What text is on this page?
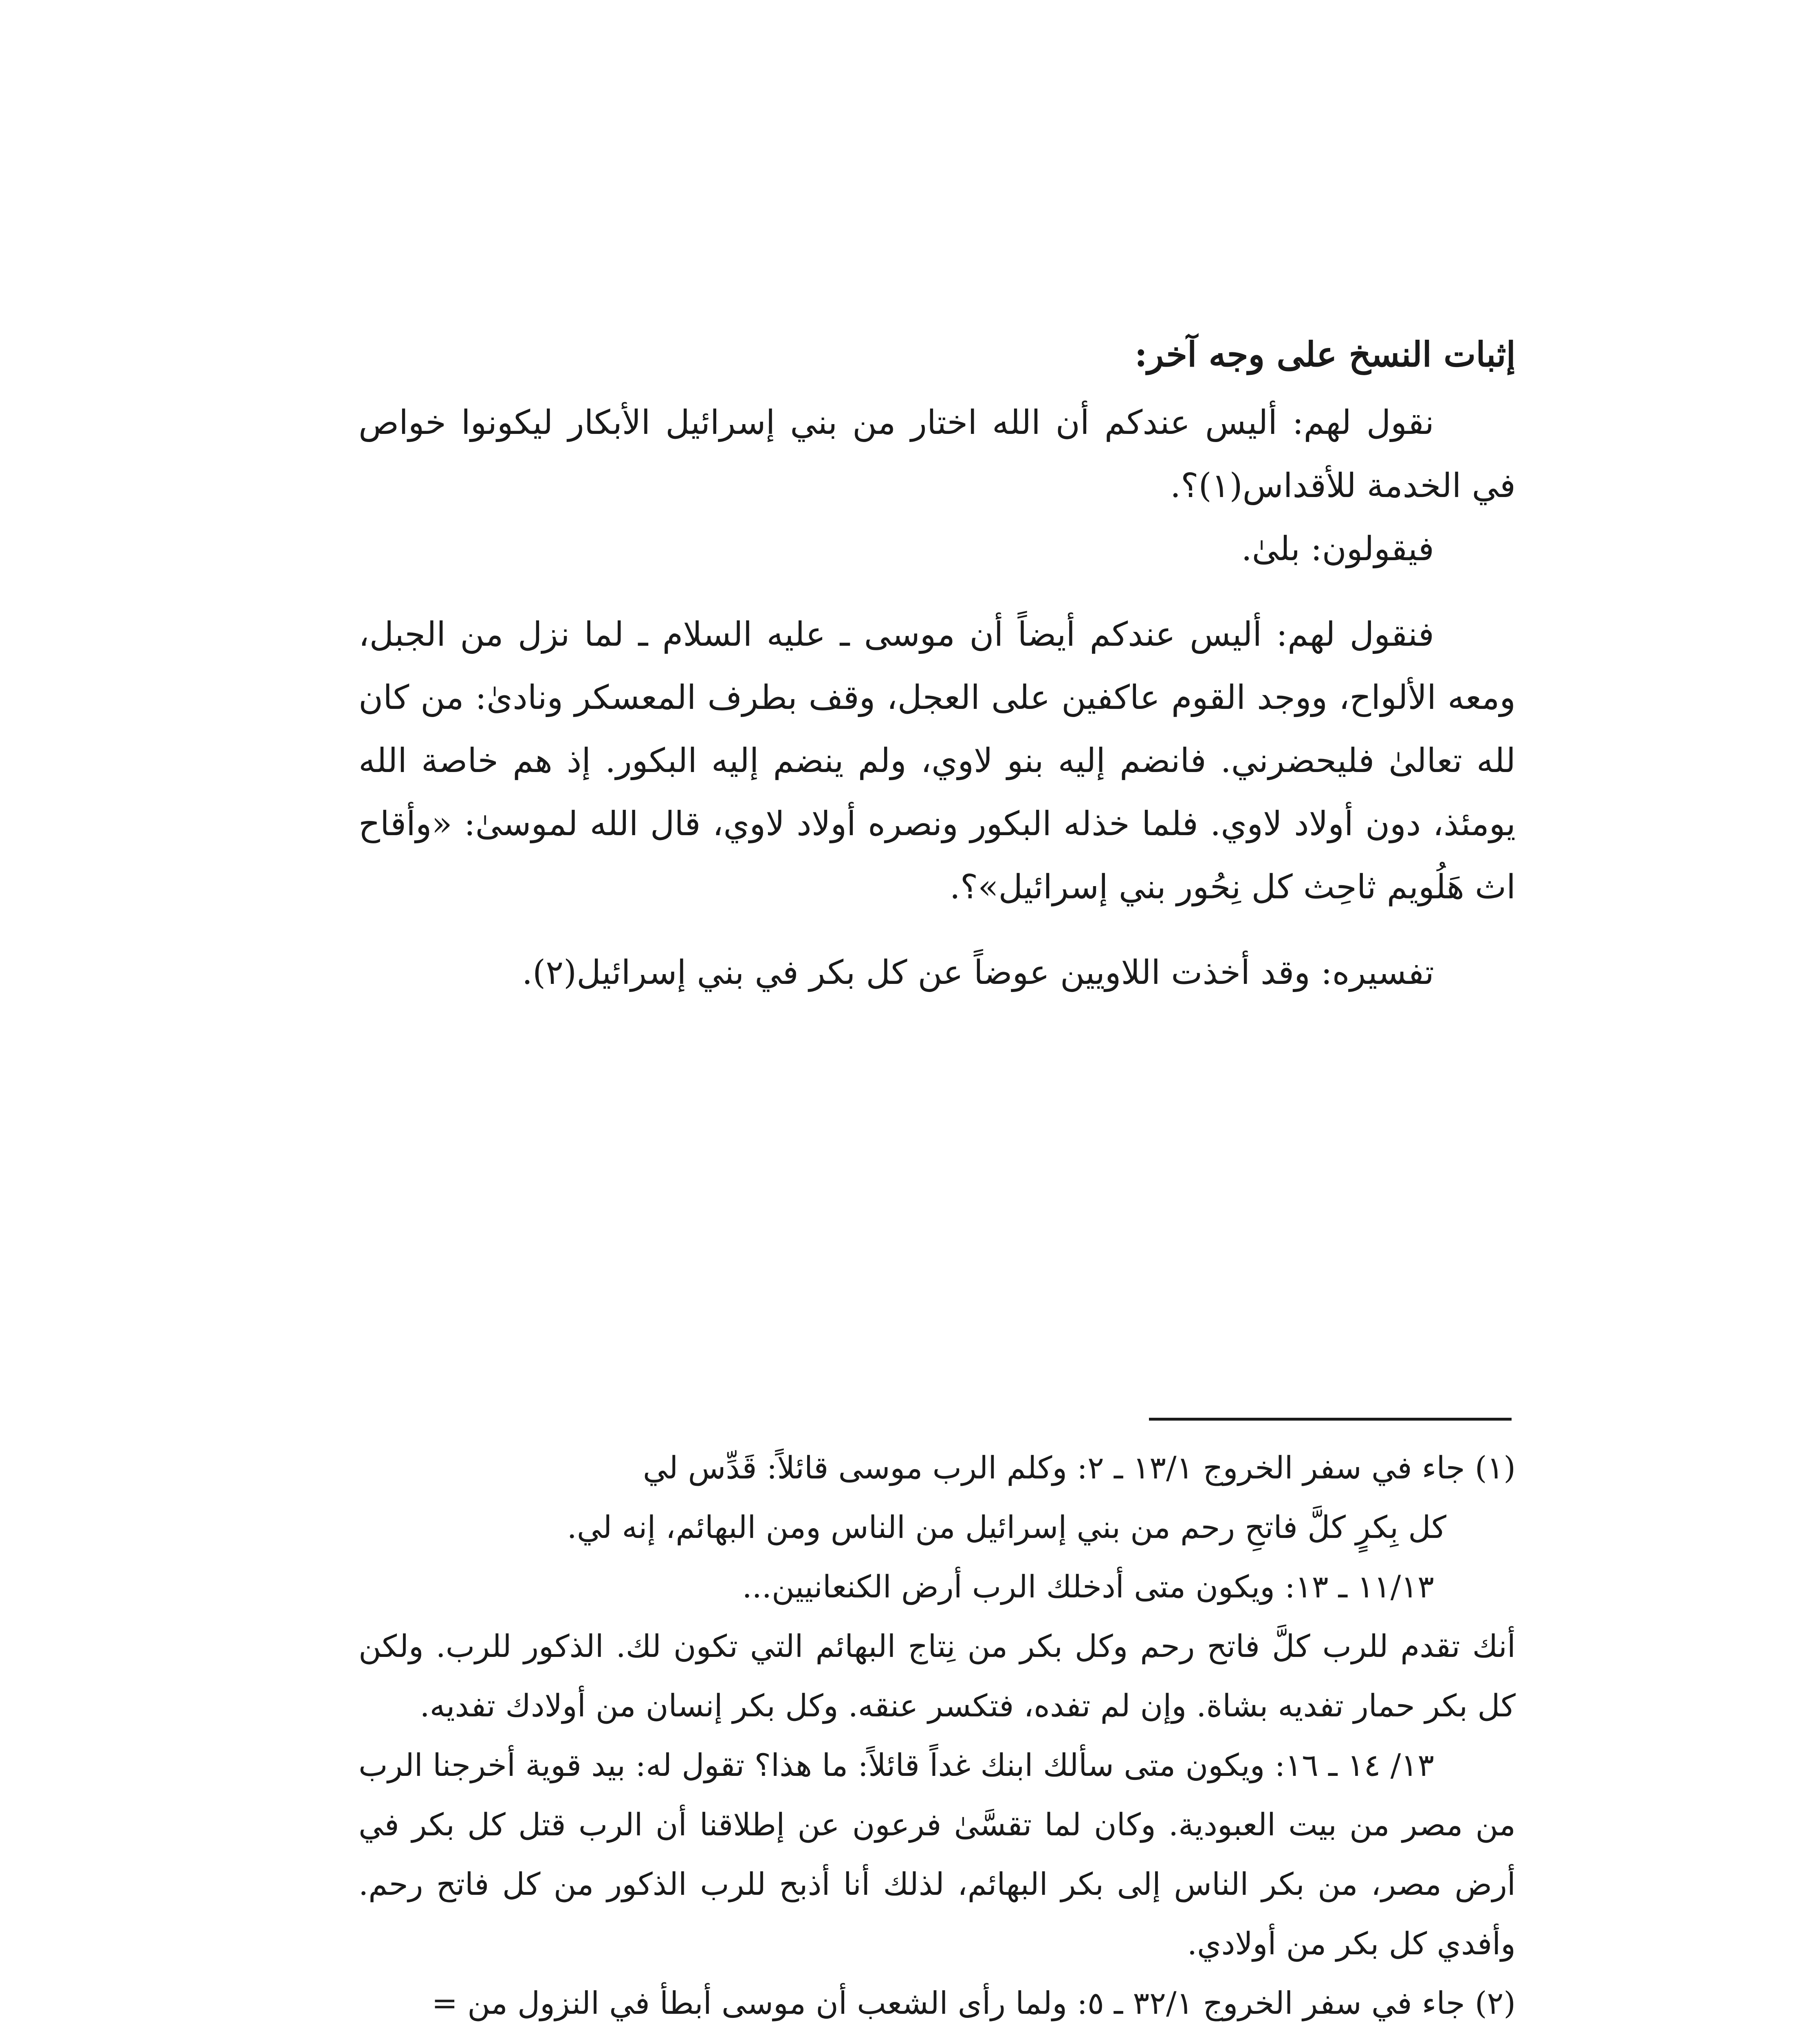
إثبات النسخ على وجه آخر:

نقول لهم: أليس عندكم أن الله اختار من بني إسرائيل الأبكار ليكونوا خواص في الخدمة للأقداس(١)؟.

فيقولون: بلىٰ.

فنقول لهم: أليس عندكم أيضاً أن موسى ـ عليه السلام ـ لما نزل من الجبل، ومعه الألواح، ووجد القوم عاكفين على العجل، وقف بطرف المعسكر ونادىٰ: من كان لله تعالىٰ فليحضرني. فانضم إليه بنو لاوي، ولم ينضم إليه البكور. إذ هم خاصة الله يومئذ، دون أولاد لاوي. فلما خذله البكور ونصره أولاد لاوي، قال الله لموسىٰ: «وأقاح اث هَلُويم ثاحِث كل نِحُور بني إسرائيل»؟.

تفسيره: وقد أخذت اللاويين عوضاً عن كل بكر في بني إسرائيل(٢).

(١) جاء في سفر الخروج ١٣/١ ـ ٢: وكلم الرب موسى قائلاً: قَدِّس لي

كل بِكرٍ كلَّ فاتحِ رحم من بني إسرائيل من الناس ومن البهائم، إنه لي.

١١/١٣ ـ ١٣: ويكون متى أدخلك الرب أرض الكنعانيين...

أنك تقدم للرب كلَّ فاتح رحم وكل بكر من نِتاج البهائم التي تكون لك. الذكور للرب. ولكن كل بكر حمار تفديه بشاة. وإن لم تفده، فتكسر عنقه. وكل بكر إنسان من أولادك تفديه.

١٣/ ١٤ ـ ١٦: ويكون متى سألك ابنك غداً قائلاً: ما هذا؟ تقول له: بيد قوية أخرجنا الرب من مصر من بيت العبودية. وكان لما تقسَّىٰ فرعون عن إطلاقنا أن الرب قتل كل بكر في أرض مصر، من بكر الناس إلى بكر البهائم، لذلك أنا أذبح للرب الذكور من كل فاتح رحم. وأفدي كل بكر من أولادي.

(٢) جاء في سفر الخروج ٣٢/١ ـ ٥: ولما رأى الشعب أن موسى أبطأ في النزول من =
